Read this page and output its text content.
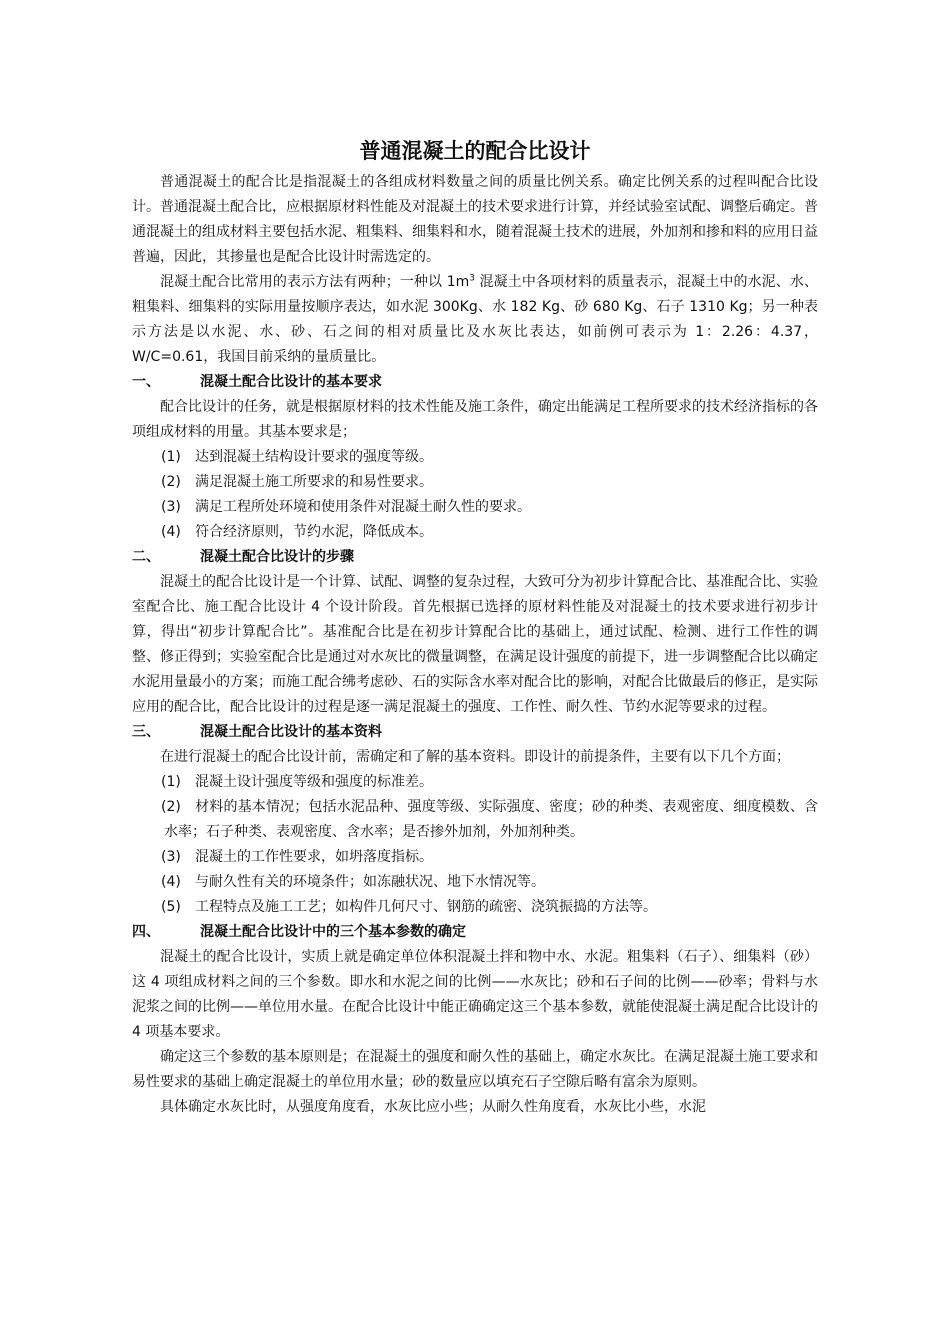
普通混凝土的配合比设计

普通混凝土的配合比是指混凝土的各组成材料数量之间的质量比例关系。确定比例关系的过程叫配合比设计。普通混凝土配合比，应根据原材料性能及对混凝土的技术要求进行计算，并经试验室试配、调整后确定。普通混凝土的组成材料主要包括水泥、粗集料、细集料和水，随着混凝土技术的进展，外加剂和掺和料的应用日益普遍，因此，其掺量也是配合比设计时需选定的。

混凝土配合比常用的表示方法有两种；一种以 $1m^3$ 混凝土中各项材料的质量表示，混凝土中的水泥、水、粗集料、细集料的实际用量按顺序表达，如水泥 300Kg、水 182 Kg、砂 680 Kg、石子 1310 Kg；另一种表示方法是以水泥、水、砂、石之间的相对质量比及水灰比表达，如前例可表示为 1：2.26：4.37，W/C=0.61，我国目前采纳的量质量比。

一、	混凝土配合比设计的基本要求

配合比设计的任务，就是根据原材料的技术性能及施工条件，确定出能满足工程所要求的技术经济指标的各项组成材料的用量。其基本要求是；

(1) 达到混凝土结构设计要求的强度等级。

(2) 满足混凝土施工所要求的和易性要求。

(3) 满足工程所处环境和使用条件对混凝土耐久性的要求。

(4) 符合经济原则，节约水泥，降低成本。

二、	混凝土配合比设计的步骤

混凝土的配合比设计是一个计算、试配、调整的复杂过程，大致可分为初步计算配合比、基准配合比、实验室配合比、施工配合比设计 4 个设计阶段。首先根据已选择的原材料性能及对混凝土的技术要求进行初步计算，得出“初步计算配合比”。基准配合比是在初步计算配合比的基础上，通过试配、检测、进行工作性的调整、修正得到；实验室配合比是通过对水灰比的微量调整，在满足设计强度的前提下，进一步调整配合比以确定水泥用量最小的方案；而施工配合绋考虑砂、石的实际含水率对配合比的影响，对配合比做最后的修正，是实际应用的配合比，配合比设计的过程是逐一满足混凝土的强度、工作性、耐久性、节约水泥等要求的过程。

三、	混凝土配合比设计的基本资料

在进行混凝土的配合比设计前，需确定和了解的基本资料。即设计的前提条件，主要有以下几个方面；

(1) 混凝土设计强度等级和强度的标准差。

(2) 材料的基本情况；包括水泥品种、强度等级、实际强度、密度；砂的种类、表观密度、细度模数、含水率；石子种类、表观密度、含水率；是否掺外加剂，外加剂种类。

(3) 混凝土的工作性要求，如坍落度指标。

(4) 与耐久性有关的环境条件；如冻融状况、地下水情况等。

(5) 工程特点及施工工艺；如构件几何尺寸、钢筋的疏密、浇筑振捣的方法等。

四、	混凝土配合比设计中的三个基本参数的确定

混凝土的配合比设计，实质上就是确定单位体积混凝土拌和物中水、水泥。粗集料（石子）、细集料（砂）这 4 项组成材料之间的三个参数。即水和水泥之间的比例——水灰比；砂和石子间的比例——砂率；骨料与水泥浆之间的比例——单位用水量。在配合比设计中能正确确定这三个基本参数，就能使混凝土满足配合比设计的 4 项基本要求。

确定这三个参数的基本原则是；在混凝土的强度和耐久性的基础上，确定水灰比。在满足混凝土施工要求和易性要求的基础上确定混凝土的单位用水量；砂的数量应以填充石子空隙后略有富余为原则。

具体确定水灰比时，从强度角度看，水灰比应小些；从耐久性角度看，水灰比小些，水泥
